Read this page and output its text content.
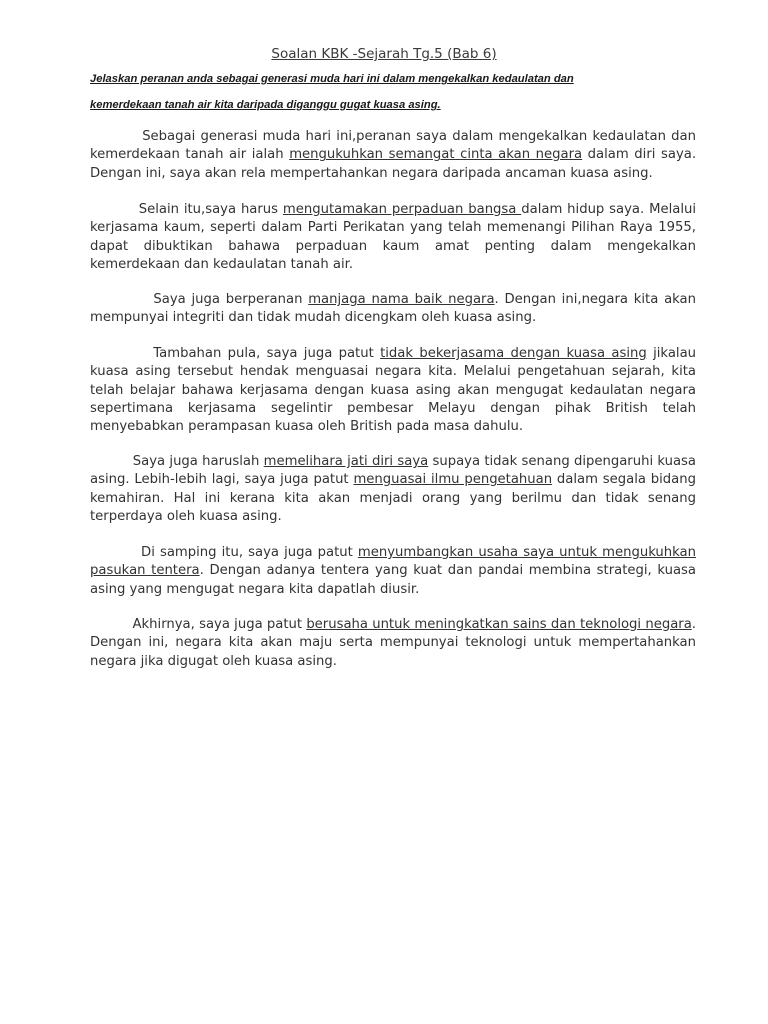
Soalan KBK -Sejarah Tg.5 (Bab 6)
Jelaskan peranan anda sebagai generasi muda hari ini dalam mengekalkan kedaulatan dan
kemerdekaan tanah air kita daripada diganggu gugat kuasa asing.

Sebagai generasi muda hari ini,peranan saya dalam mengekalkan kedaulatan dan kemerdekaan tanah air ialah mengukuhkan semangat cinta akan negara dalam diri saya. Dengan ini, saya akan rela mempertahankan negara daripada ancaman kuasa asing.

Selain itu,saya harus mengutamakan perpaduan bangsa dalam hidup saya. Melalui kerjasama kaum, seperti dalam Parti Perikatan yang telah memenangi Pilihan Raya 1955, dapat dibuktikan bahawa perpaduan kaum amat penting dalam mengekalkan kemerdekaan dan kedaulatan tanah air.

Saya juga berperanan manjaga nama baik negara. Dengan ini,negara kita akan mempunyai integriti dan tidak mudah dicengkam oleh kuasa asing.

Tambahan pula, saya juga patut tidak bekerjasama dengan kuasa asing jikalau kuasa asing tersebut hendak menguasai negara kita. Melalui pengetahuan sejarah, kita telah belajar bahawa kerjasama dengan kuasa asing akan mengugat kedaulatan negara sepertimana kerjasama segelintir pembesar Melayu dengan pihak British telah menyebabkan perampasan kuasa oleh British pada masa dahulu.

Saya juga haruslah memelihara jati diri saya supaya tidak senang dipengaruhi kuasa asing. Lebih-lebih lagi, saya juga patut menguasai ilmu pengetahuan dalam segala bidang kemahiran. Hal ini kerana kita akan menjadi orang yang berilmu dan tidak senang terperdaya oleh kuasa asing.

Di samping itu, saya juga patut menyumbangkan usaha saya untuk mengukuhkan pasukan tentera. Dengan adanya tentera yang kuat dan pandai membina strategi, kuasa asing yang mengugat negara kita dapatlah diusir.

Akhirnya, saya juga patut berusaha untuk meningkatkan sains dan teknologi negara. Dengan ini, negara kita akan maju serta mempunyai teknologi untuk mempertahankan negara jika digugat oleh kuasa asing.
